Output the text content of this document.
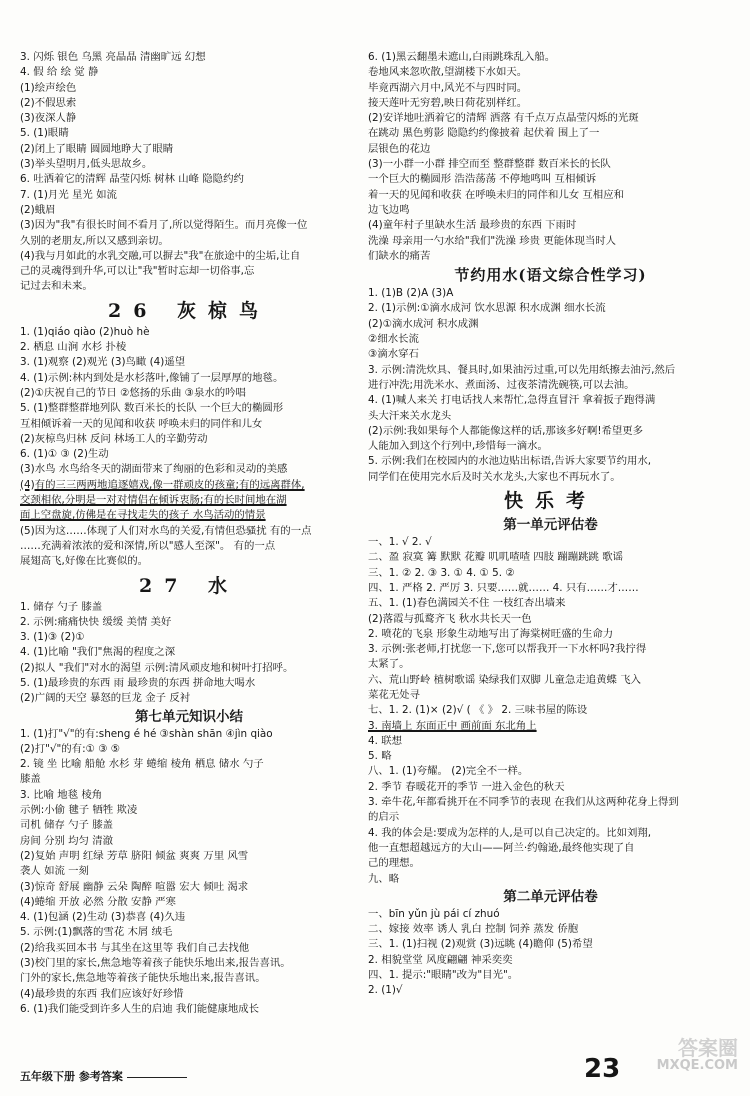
3. 闪烁 银色 乌黑 亮晶晶 清幽旷远 幻想
4. 假 给 绘 觉 静
(1)绘声绘色
(2)不假思索
(3)夜深人静
5. (1)眼睛
(2)闭上了眼睛 圆圆地睁大了眼睛
(3)举头望明月,低头思故乡。
6. 吐洒着它的清辉 晶莹闪烁 树林 山峰 隐隐约约
7. (1)月光 星光 如流
(2)蛾眉
(3)因为"我"有很长时间不看月了,所以觉得陌生。而月亮像一位
久别的老朋友,所以又感到亲切。
(4)我与月如此的水乳交融,可以摒去"我"在旅途中的尘垢,让自
己的灵魂得到升华,可以让"我"暂时忘却一切俗事,忘
记过去和未来。
26 灰椋鸟
1. (1)qiáo qiào (2)huò hè
2. 栖息 山涧 水杉 扑棱
3. (1)观察 (2)观光 (3)鸟瞰 (4)遥望
4. (1)示例:林内到处是水杉落叶,像铺了一层厚厚的地毯。
(2)①庆祝自己的节日 ②悠扬的乐曲 ③泉水的吟唱
5. (1)整群整群地列队 数百米长的长队 一个巨大的椭圆形
互相倾诉着一天的见闻和收获 呼唤未归的同伴和儿女
(2)灰椋鸟归林 反问 林场工人的辛勤劳动
6. (1)① ③ (2)生动
(3)水鸟 水鸟给冬天的湖面带来了绚丽的色彩和灵动的美感
(4)有的三三两两地追逐嬉戏,像一群顽皮的孩童;有的远离群体,
交颈相依,分明是一对对情侣在倾诉衷肠;有的长时间地在湖
面上空盘旋,仿佛是在寻找走失的孩子 水鸟活动的情景
(5)因为这……体现了人们对水鸟的关爱,有情但恐骚扰 有的一点
……充满着浓浓的爱和深情,所以"感人至深"。 有的一点
展翅高飞,好像在比赛似的。
27 水
1. 储存 勺子 膝盖
2. 示例:痛痛快快 缓缓 美情 美好
3. (1)③ (2)①
4. (1)比喻 "我们"焦渴的程度之深
(2)拟人 "我们"对水的渴望 示例:清风顽皮地和树叶打招呼。
5. (1)最珍贵的东西 雨 最珍贵的东西 拼命地大喝水
(2)广阔的天空 暴怒的巨龙 金子 反衬
第七单元知识小结
1. (1)打"√"的有:sheng é hé ③shàn shān ④jìn qiào
(2)打"√"的有:① ③ ⑤
2. 镜 坐 比喻 船舱 水杉 芽 蜷缩 棱角 栖息 储水 勺子
膝盖
3. 比喻 地毯 棱角
示例:小偷 毽子 牺牲 欺凌
司机 储存 勺子 膝盖
房间 分别 均匀 清澈
(2)复始 声明 红绿 芳草 脐阳 倾盆 爽爽 万里 风雪
袭人 如流 一刻
(3)惊奇 舒展 幽静 云朵 陶醉 喧嚣 宏大 倾吐 渴求
(4)蜷缩 开放 必然 分散 安静 严寒
4. (1)包涵 (2)生动 (3)恭喜 (4)久违
5. 示例:(1)飘落的雪花 木屑 绒毛
(2)给我买回本书 与其坐在这里等 我们自己去找他
(3)校门里的家长,焦急地等着孩子能快乐地出来,报告喜讯。
门外的家长,焦急地等着孩子能快乐地出来,报告喜讯。
(4)最珍贵的东西 我们应该好好珍惜
6. (1)我们能受到许多人生的启迪 我们能健康地成长
6. (1)黑云翻墨未遮山,白雨跳珠乱入船。
卷地风来忽吹散,望湖楼下水如天。
毕竟西湖六月中,风光不与四时同。
接天莲叶无穷碧,映日荷花别样红。
(2)安详地吐洒着它的清辉 洒落 有千点万点晶莹闪烁的光斑
在跳动 黑色剪影 隐隐约约像披着 起伏着 围上了一
层银色的花边
(3)一小群一小群 排空而至 整群整群 数百米长的长队
一个巨大的椭圆形 浩浩荡荡 不停地鸣叫 互相倾诉
着一天的见闻和收获 在呼唤未归的同伴和儿女 互相应和
边飞边鸣
(4)童年村子里缺水生活 最珍贵的东西 下雨时
洗澡 母亲用一勺水给"我们"洗澡 珍贵 更能体现当时人
们缺水的痛苦
节约用水(语文综合性学习)
1. (1)B (2)A (3)A
2. (1)示例:①滴水成河 饮水思源 积水成渊 细水长流
(2)①滴水成河 积水成渊
②细水长流
③滴水穿石
3. 示例:清洗炊具、餐具时,如果油污过重,可以先用纸擦去油污,然后
进行冲洗;用洗米水、煮面汤、过夜茶清洗碗筷,可以去油。
4. (1)喊人来关 打电话找人来帮忙,急得直冒汗 拿着扳子跑得满
头大汗来关水龙头
(2)示例:我如果每个人都能像这样的话,那该多好啊!希望更多
人能加入到这个行列中,珍惜每一滴水。
5. 示例:我们在校园内的水池边贴出标语,告诉大家要节约用水,
同学们在使用完水后及时关水龙头,大家也不再玩水了。
快乐考
第一单元评估卷
一、1. √ 2. √
二、盈 寂寞 篝 默默 花瓣 叽叽喳喳 四肢 蹦蹦跳跳 歌谣
三、1. ② 2. ③ 3. ① 4. ① 5. ②
四、1. 严格 2. 严厉 3. 只要……就…… 4. 只有……才……
五、1. (1)春色满园关不住 一枝红杏出墙来
(2)落霞与孤鹜齐飞 秋水共长天一色
2. 喷花的飞泉 形象生动地写出了海棠树旺盛的生命力
3. 示例:张老师,打扰您一下,您可以帮我开一下水杯吗?我拧得
太紧了。
六、荒山野岭 植树歌谣 染绿我们双脚 儿童急走追黄蝶 飞入
菜花无处寻
七、1. 2. (1)× (2)√ ( 《 》 2. 三味书屋的陈设
3. 南墙上 东面正中 画前面 东北角上
4. 联想
5. 略
八、1. (1)夸耀。 (2)完全不一样。
2. 季节 春暖花开的季节 一进入金色的秋天
3. 牵牛花,年都看挑开在不同季节的表现 在我们从这两种花身上得到
的启示
4. 我的体会是:要成为怎样的人,是可以自己决定的。比如刘翔,
他一直想超越远方的大山——阿兰·约翰逊,最终他实现了自
己的理想。
九、略
第二单元评估卷
一、bīn yǔn jù pái cí zhuó
二、嫁接 效率 诱人 乳白 控制 饲养 蒸发 侨胞
三、1. (1)扫视 (2)观赏 (3)远眺 (4)瞻仰 (5)希望
2. 相貌堂堂 风度翩翩 神采奕奕
四、1. 提示:"眼睛"改为"目光"。
2. (1)√
五年级下册 参考答案	23
答案圈
MXQE.COM
